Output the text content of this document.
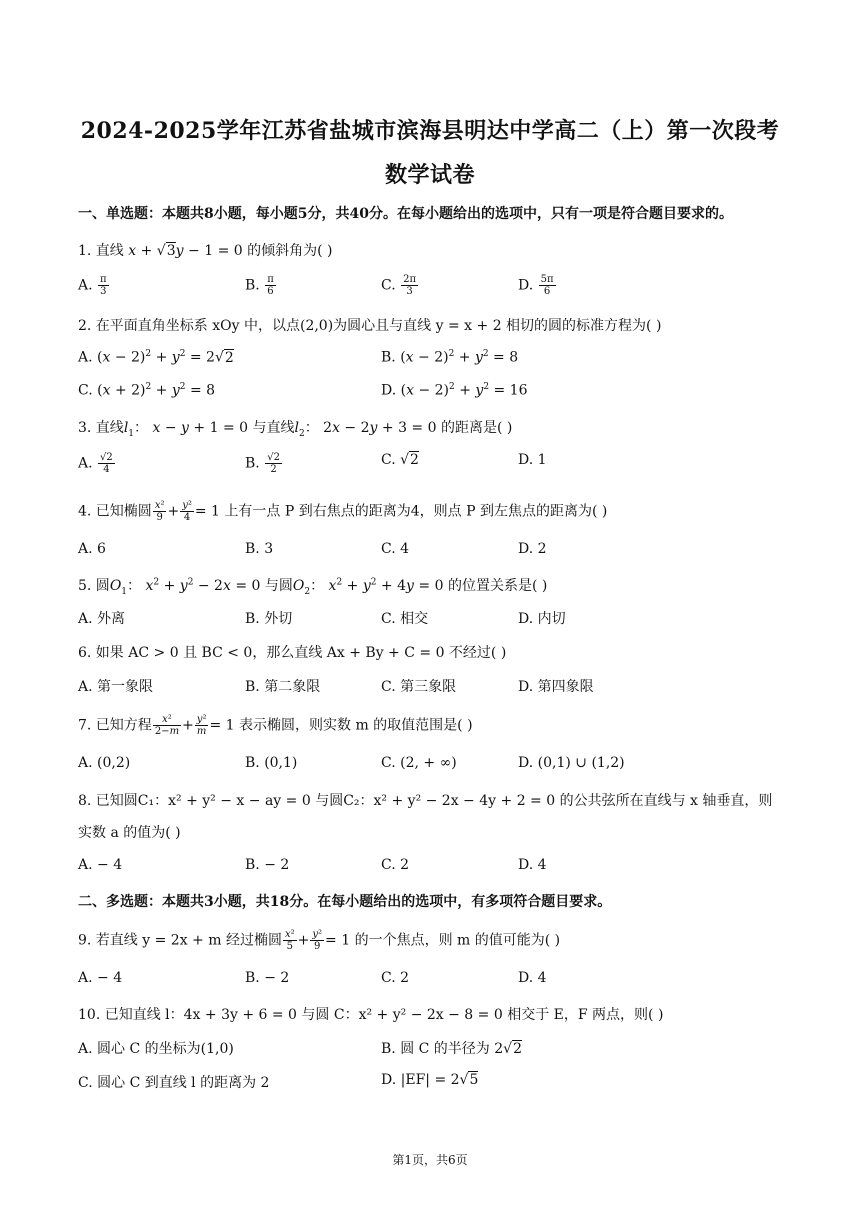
2024-2025学年江苏省盐城市滨海县明达中学高二（上）第一次段考
数学试卷
一、单选题：本题共8小题，每小题5分，共40分。在每小题给出的选项中，只有一项是符合题目要求的。
1. 直线 x + √3y − 1 = 0 的倾斜角为( )
A. $\frac{\pi}{3}$	B. $\frac{\pi}{6}$	C. $\frac{2\pi}{3}$	D. $\frac{5\pi}{6}$
2. 在平面直角坐标系 xOy 中，以点(2,0)为圆心且与直线 y = x + 2 相切的圆的标准方程为( )
A. $(x - 2)^2 + y^2 = 2√2$	B. $(x - 2)^2 + y^2 = 8$
C. $(x + 2)^2 + y^2 = 8$	D. $(x - 2)^2 + y^2 = 16$
3. 直线$l_1$： x − y + 1 = 0 与直线$l_2$： 2x − 2y + 3 = 0 的距离是( )
A. $\frac{√2}{4}$	B. $\frac{√2}{2}$	C. √2	D. 1
4. 已知椭圆 $\frac{\text{x²}}{9} + \frac{\text{y²}}{4} = 1$ 上有一点 P 到右焦点的距离为4，则点 P 到左焦点的距离为( )
A. 6	B. 3	C. 4	D. 2
5. 圆$O_1$： $x^2 + y^2 - 2x = 0$ 与圆$O_2$： $x^2 + y^2 + 4y = 0$ 的位置关系是( )
A. 外离	B. 外切	C. 相交	D. 内切
6. 如果 AC > 0 且 BC < 0，那么直线 Ax + By + C = 0 不经过( )
A. 第一象限	B. 第二象限	C. 第三象限	D. 第四象限
7. 已知方程 $\frac{\text{x²}}{2-m} + \frac{\text{y²}}{m} = 1$ 表示椭圆，则实数 m 的取值范围是( )
A. (0,2)	B. (0,1)	C. (2, + ∞)	D. (0,1) ∪ (1,2)
8. 已知圆C₁：x² + y² − x − ay = 0 与圆C₂：x² + y² − 2x − 4y + 2 = 0 的公共弦所在直线与 x 轴垂直，则
实数 a 的值为( )
A. − 4	B. − 2	C. 2	D. 4
二、多选题：本题共3小题，共18分。在每小题给出的选项中，有多项符合题目要求。
9. 若直线 y = 2x + m 经过椭圆 $\frac{\text{x²}}{5} + \frac{\text{y²}}{9} = 1$ 的一个焦点，则 m 的值可能为( )
A. − 4	B. − 2	C. 2	D. 4
10. 已知直线 l：4x + 3y + 6 = 0 与圆 C：x² + y² − 2x − 8 = 0 相交于 E，F 两点，则( )
A. 圆心 C 的坐标为(1,0)	B. 圆 C 的半径为 2√2
C. 圆心 C 到直线 l 的距离为 2	D. |EF| = 2√5
第1页，共6页
